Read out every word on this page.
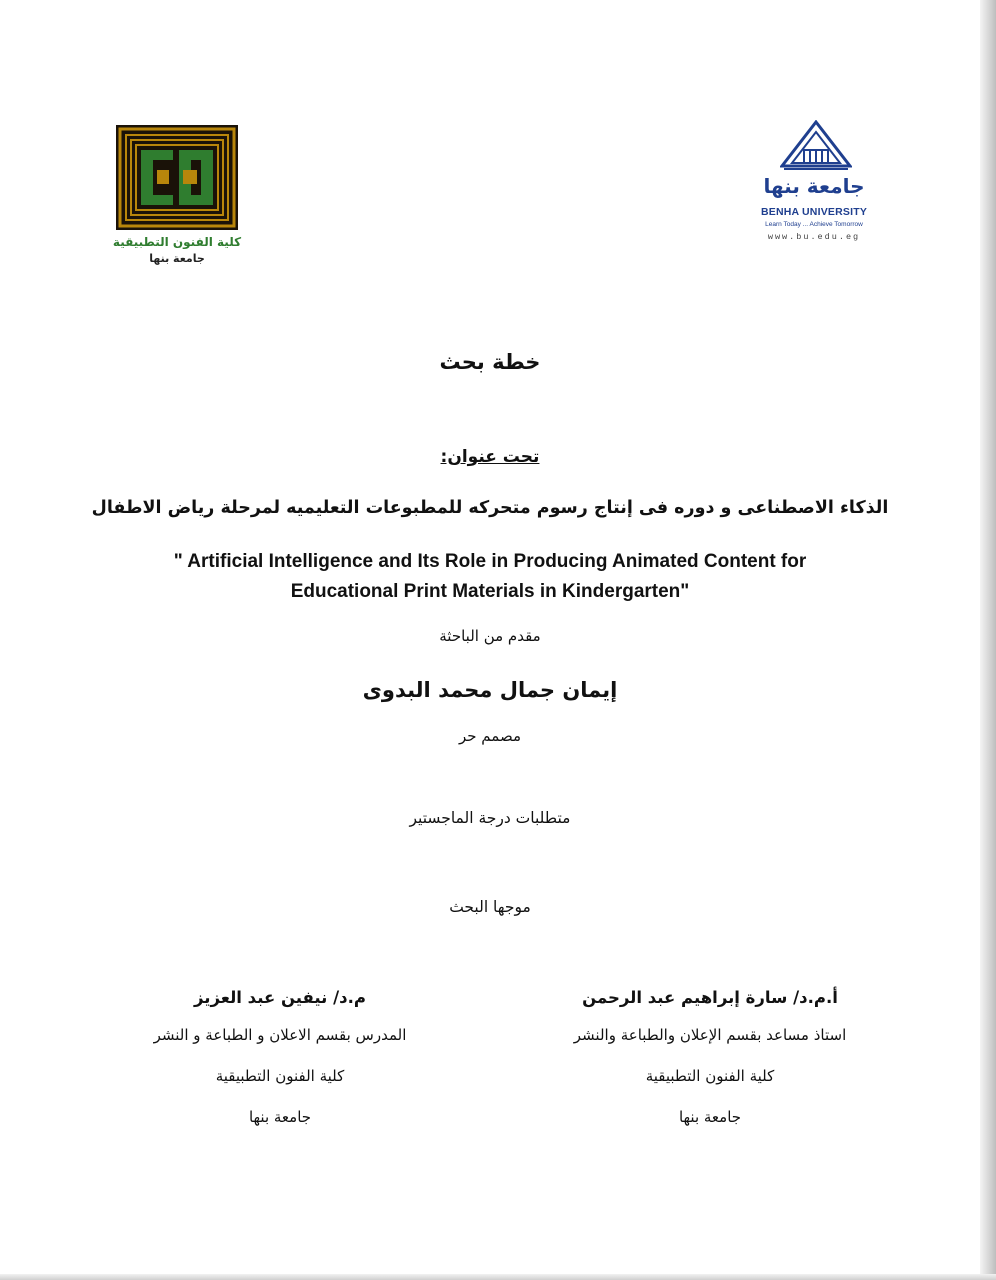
كلية الفنون التطبيقية
جامعة بنها
جامعة بنها
BENHA UNIVERSITY
Learn Today ... Achieve Tomorrow
www.bu.edu.eg
خطة بحث
تحت عنوان:
الذكاء الاصطناعى و دوره فى إنتاج رسوم متحركه للمطبوعات التعليميه لمرحلة رياض الاطفال
" Artificial Intelligence and Its Role in Producing Animated Content for
Educational Print Materials in Kindergarten"
مقدم من الباحثة
إيمان جمال محمد البدوى
مصمم حر
متطلبات درجة الماجستير
موجها البحث
أ.م.د/ سارة إبراهيم عبد الرحمن
استاذ مساعد بقسم الإعلان والطباعة والنشر
كلية الفنون التطبيقية
جامعة بنها
م.د/ نيفين عبد العزيز
المدرس بقسم الاعلان و الطباعة و النشر
كلية الفنون التطبيقية
جامعة بنها
